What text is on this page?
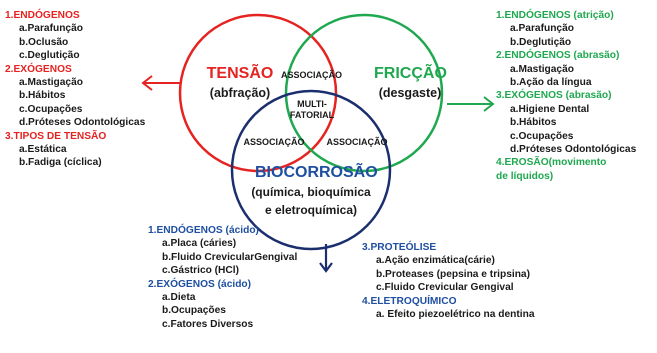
TENSÃO
(abfração)
FRICÇÃO
(desgaste)
BIOCORROSÃO
(química, bioquímica
e eletroquímica)
ASSOCIAÇÃO
MULTI-
FATORIAL
ASSOCIAÇÃO ASSOCIAÇÃO
1.ENDÓGENOS
a.Parafunção
b.Oclusão
c.Deglutição
2.EXÓGENOS
a.Mastigação
b.Hábitos
c.Ocupações
d.Próteses Odontológicas
3.TIPOS DE TENSÃO
a.Estática
b.Fadiga (cíclica)
1.ENDÓGENOS (atrição)
a.Parafunção
b.Deglutição
2.ENDÓGENOS (abrasão)
a.Mastigação
b.Ação da língua
3.EXÓGENOS (abrasão)
a.Higiene Dental
b.Hábitos
c.Ocupações
d.Próteses Odontológicas
4.EROSÃO(movimento
de líquidos)
1.ENDÓGENOS (ácido)
a.Placa (cáries)
b.Fluido CrevicularGengival
c.Gástrico (HCl)
2.EXÓGENOS (ácido)
a.Dieta
b.Ocupações
c.Fatores Diversos
3.PROTEÓLISE
a.Ação enzimática(cárie)
b.Proteases (pepsina e tripsina)
c.Fluido Crevicular Gengival
4.ELETROQUÍMICO
a. Efeito piezoelétrico na dentina
